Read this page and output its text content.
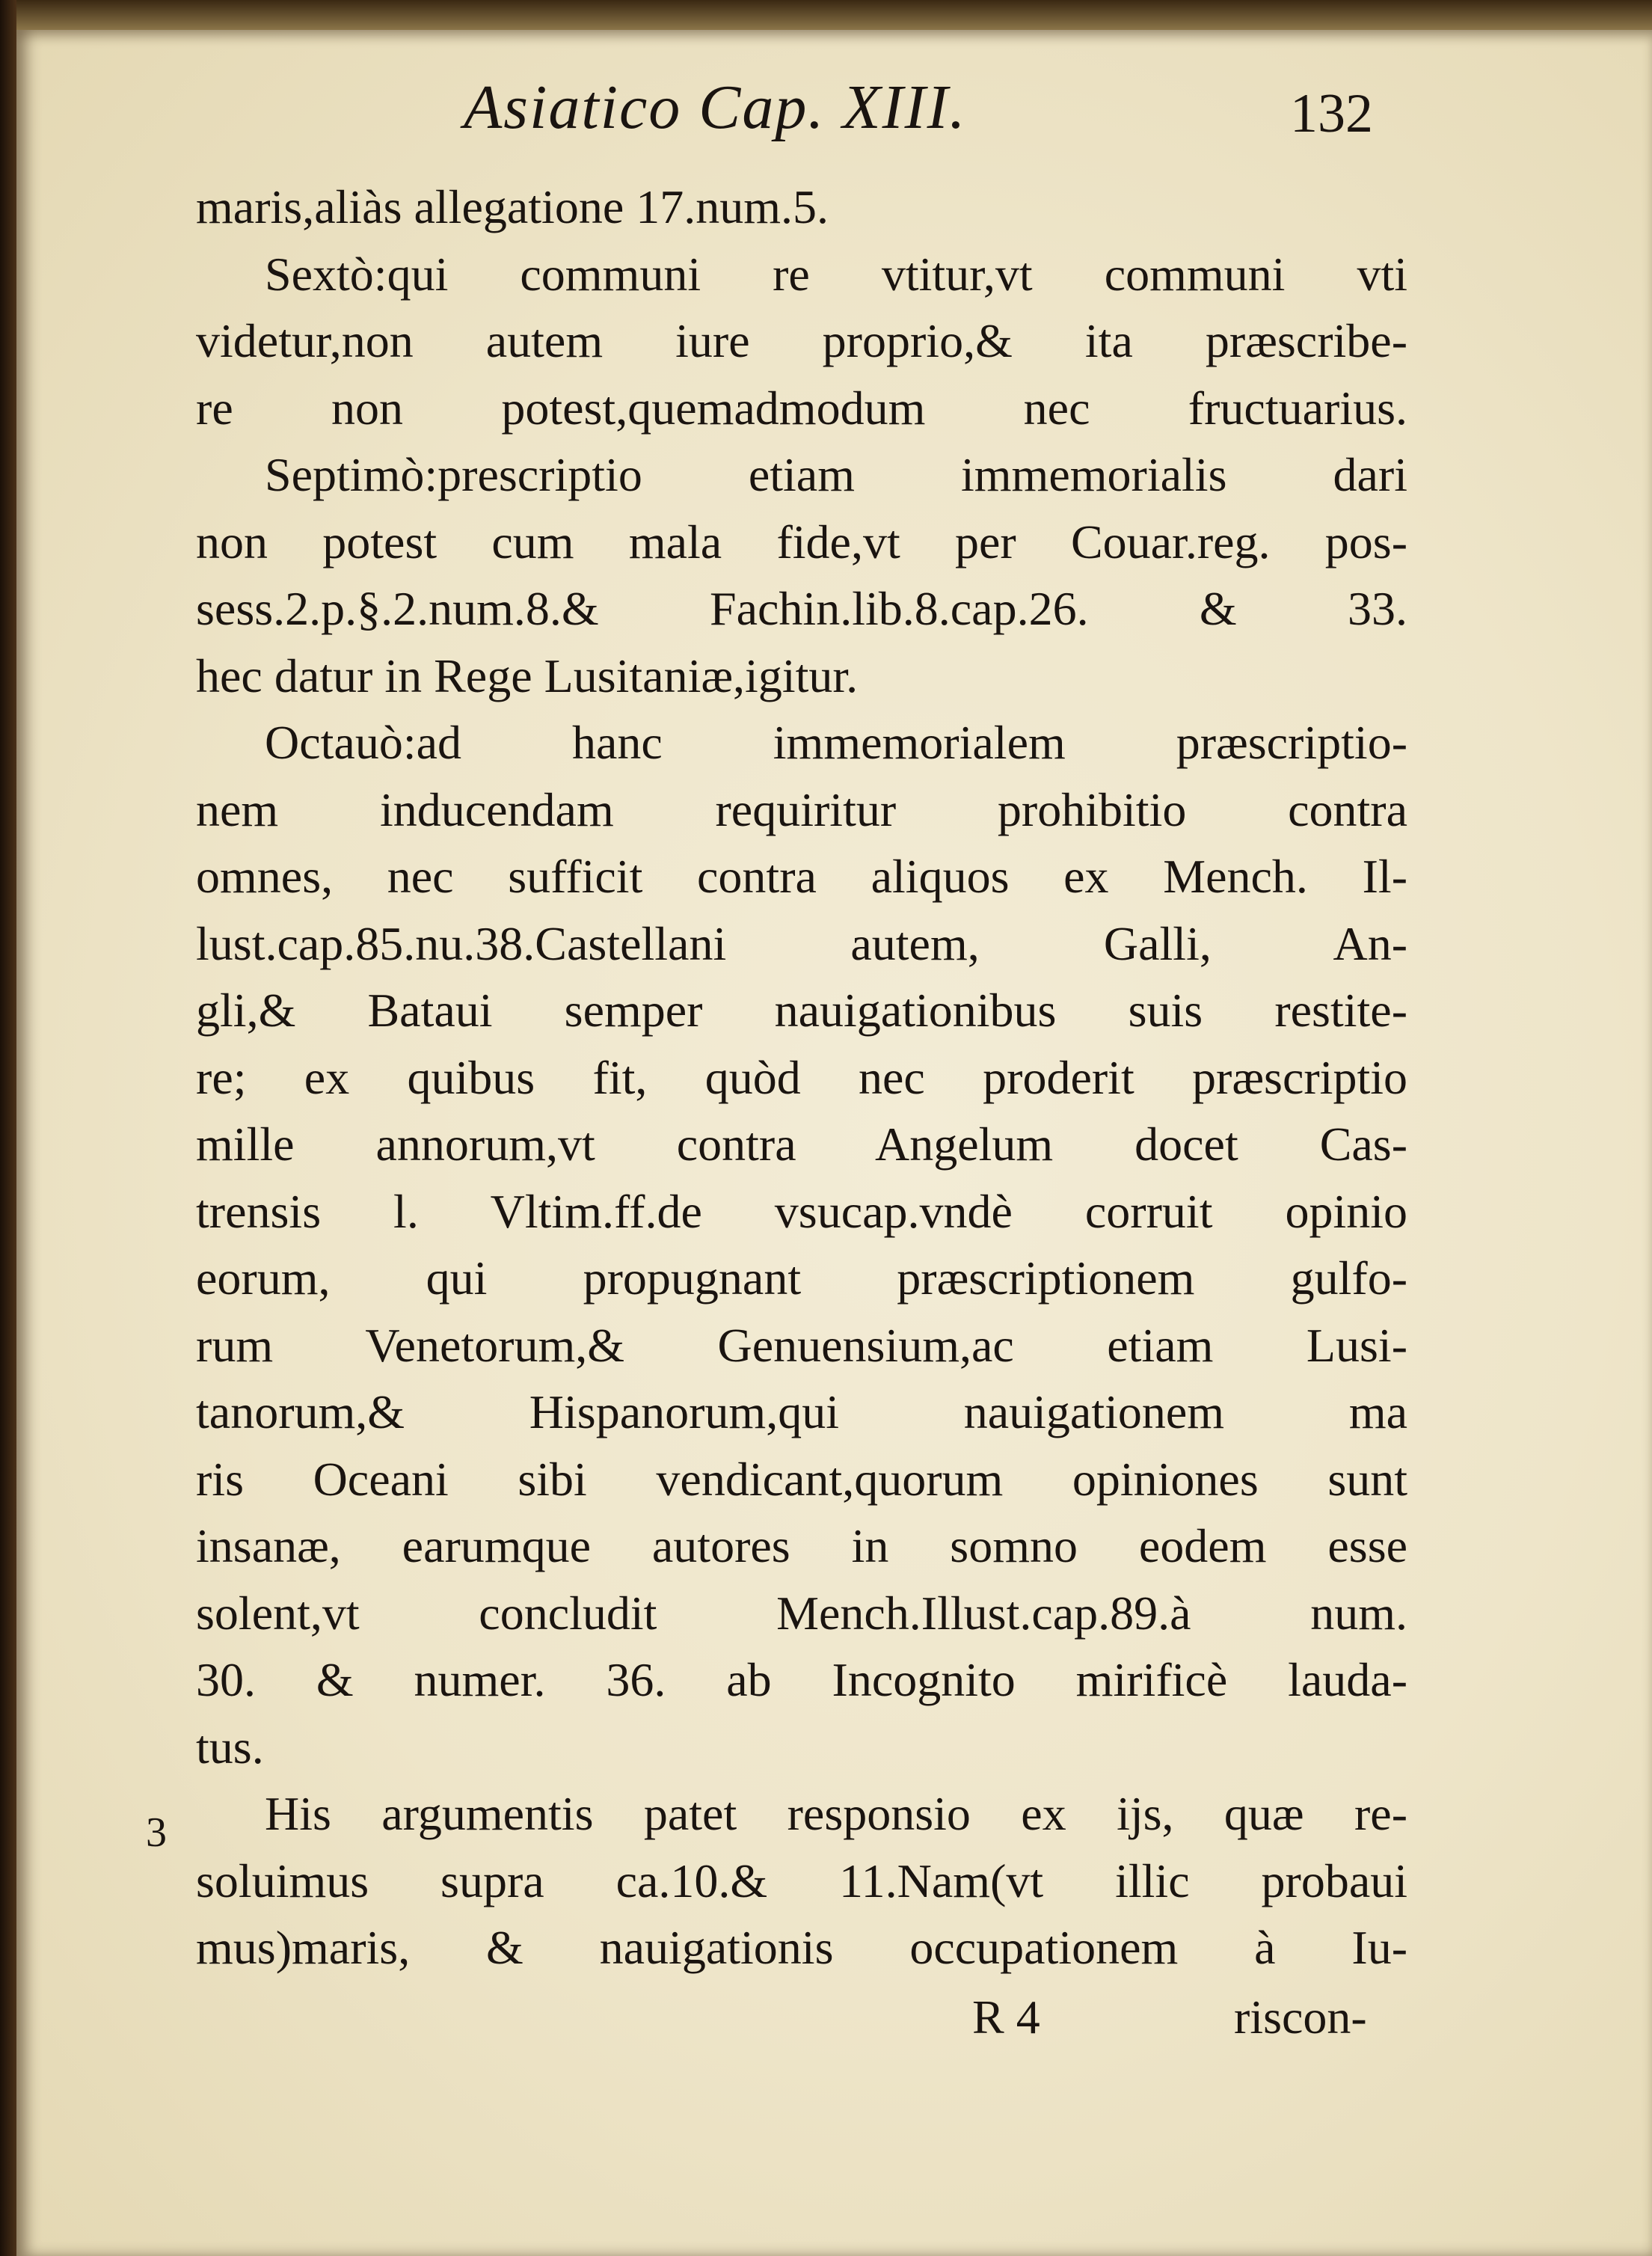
Asiatico Cap. XIII.	132
maris,aliàs allegatione 17.num.5.
Sextò:qui communi re vtitur,vt communi vti
videtur,non autem iure proprio,& ita præscribe-
re non potest,quemadmodum nec fructuarius.
Septimò:prescriptio etiam immemorialis dari
non potest cum mala fide,vt per Couar.reg. pos-
sess.2.p.§.2.num.8.& Fachin.lib.8.cap.26. & 33.
hec datur in Rege Lusitaniæ,igitur.
Octauò:ad hanc immemorialem præscriptio-
nem inducendam requiritur prohibitio contra
omnes, nec sufficit contra aliquos ex Mench. Il-
lust.cap.85.nu.38.Castellani autem, Galli, An-
gli,& Bataui semper nauigationibus suis restite-
re; ex quibus fit, quòd nec proderit præscriptio
mille annorum,vt contra Angelum docet Cas-
trensis l. Vltim.ff.de vsucap.vndè corruit opinio
eorum, qui propugnant præscriptionem gulfo-
rum Venetorum,& Genuensium,ac etiam Lusi-
tanorum,& Hispanorum,qui nauigationem ma
ris Oceani sibi vendicant,quorum opiniones sunt
insanæ, earumque autores in somno eodem esse
solent,vt concludit Mench.Illust.cap.89.à num.
30. & numer. 36. ab Incognito mirificè lauda-
tus.
His argumentis patet responsio ex ijs, quæ re-
soluimus supra ca.10.& 11.Nam(vt illic probaui
mus)maris, & nauigationis occupationem à Iu-
3
R 4	riscon-
